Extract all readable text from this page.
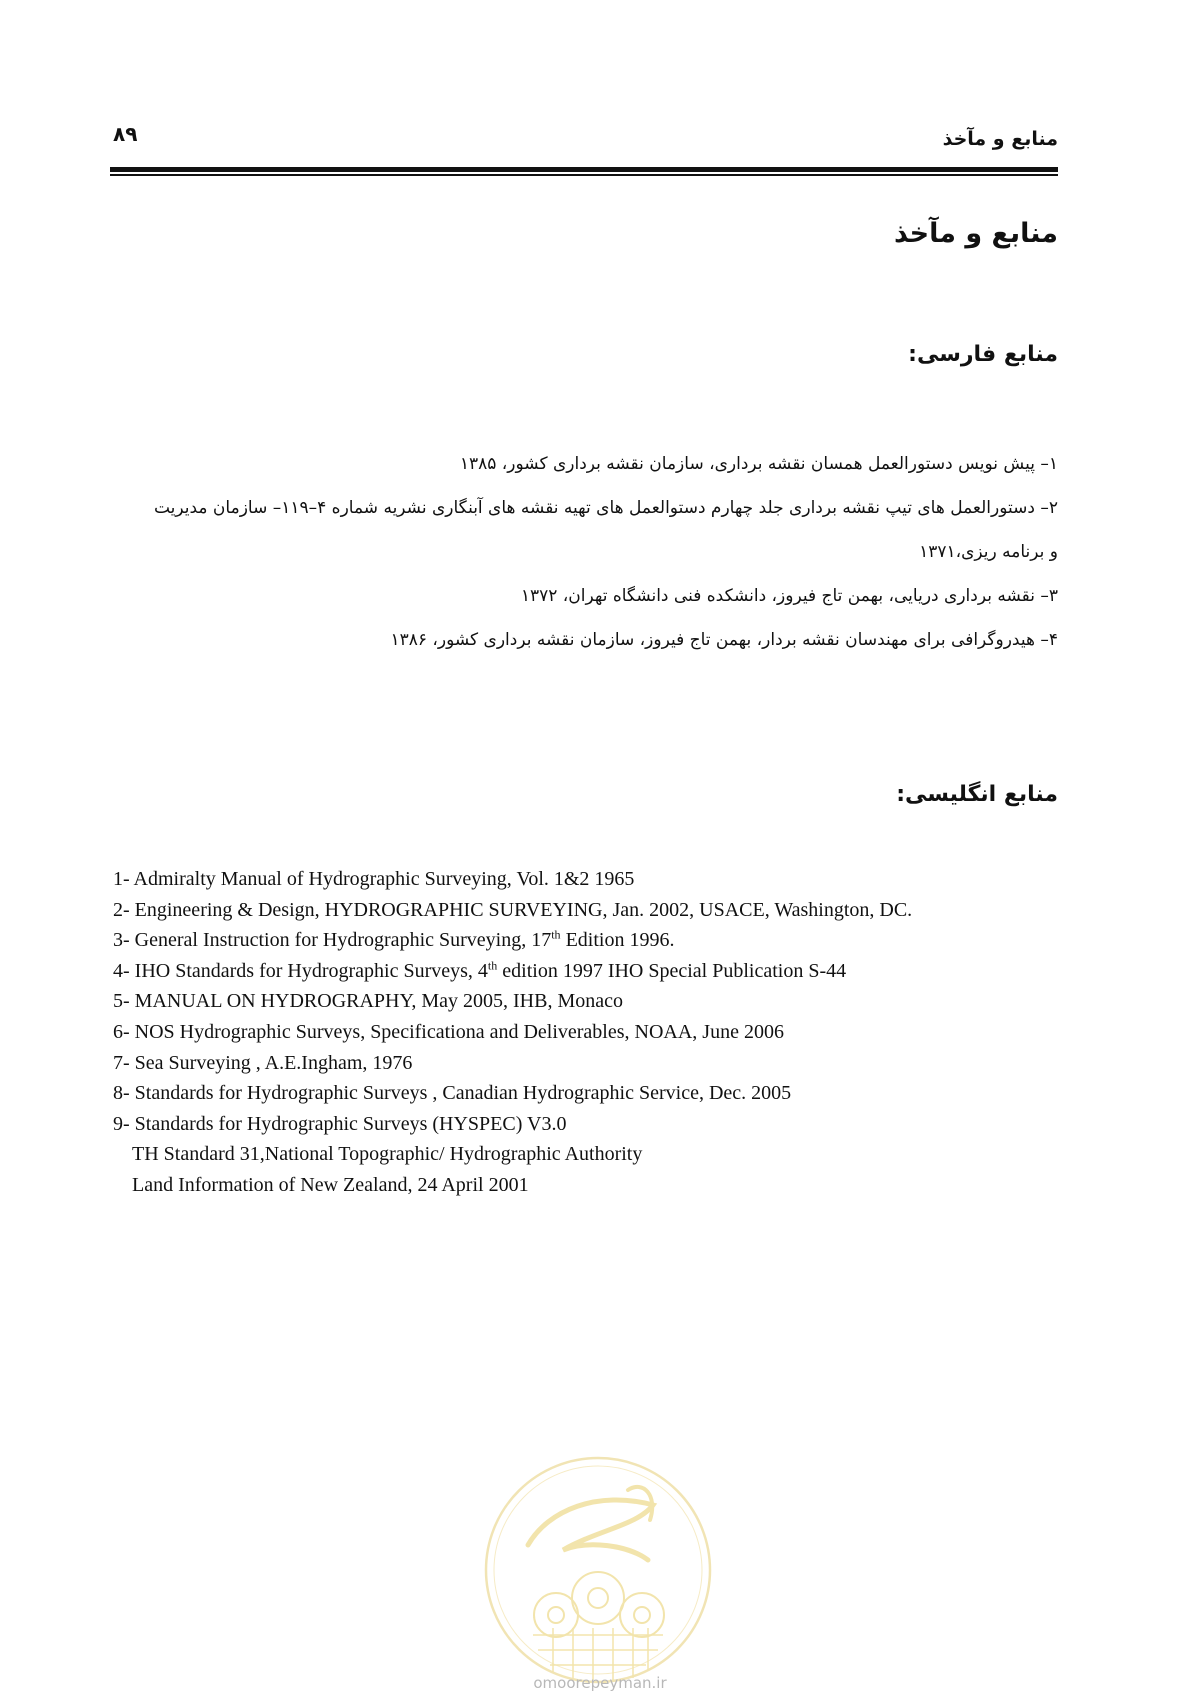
۸۹	منابع و مآخذ
منابع و مآخذ
منابع فارسی:
۱– پیش نویس دستورالعمل همسان نقشه برداری، سازمان نقشه برداری کشور، ۱۳۸۵
۲– دستورالعمل های تیپ نقشه برداری جلد چهارم دستوالعمل های تهیه نقشه های آبنگاری نشریه شماره ۴–۱۱۹– سازمان مدیریت
و برنامه ریزی،۱۳۷۱
۳– نقشه برداری دریایی، بهمن تاج فیروز، دانشکده فنی دانشگاه تهران، ۱۳۷۲
۴– هیدروگرافی برای مهندسان نقشه بردار، بهمن تاج فیروز، سازمان نقشه برداری کشور، ۱۳۸۶
منابع انگلیسی:
1- Admiralty Manual of Hydrographic Surveying, Vol. 1&2 1965
2- Engineering & Design, HYDROGRAPHIC SURVEYING, Jan. 2002, USACE, Washington, DC.
3- General Instruction for Hydrographic Surveying, 17th Edition 1996.
4- IHO Standards for Hydrographic Surveys, 4th edition 1997 IHO Special Publication S-44
5- MANUAL ON HYDROGRAPHY, May 2005, IHB, Monaco
6- NOS Hydrographic Surveys, Specificationa and Deliverables, NOAA, June 2006
7- Sea Surveying , A.E.Ingham, 1976
8- Standards for Hydrographic Surveys , Canadian Hydrographic Service, Dec. 2005
9- Standards for Hydrographic Surveys (HYSPEC) V3.0
TH Standard 31,National Topographic/ Hydrographic Authority
Land Information of New Zealand, 24 April 2001
omoorepeyman.ir
